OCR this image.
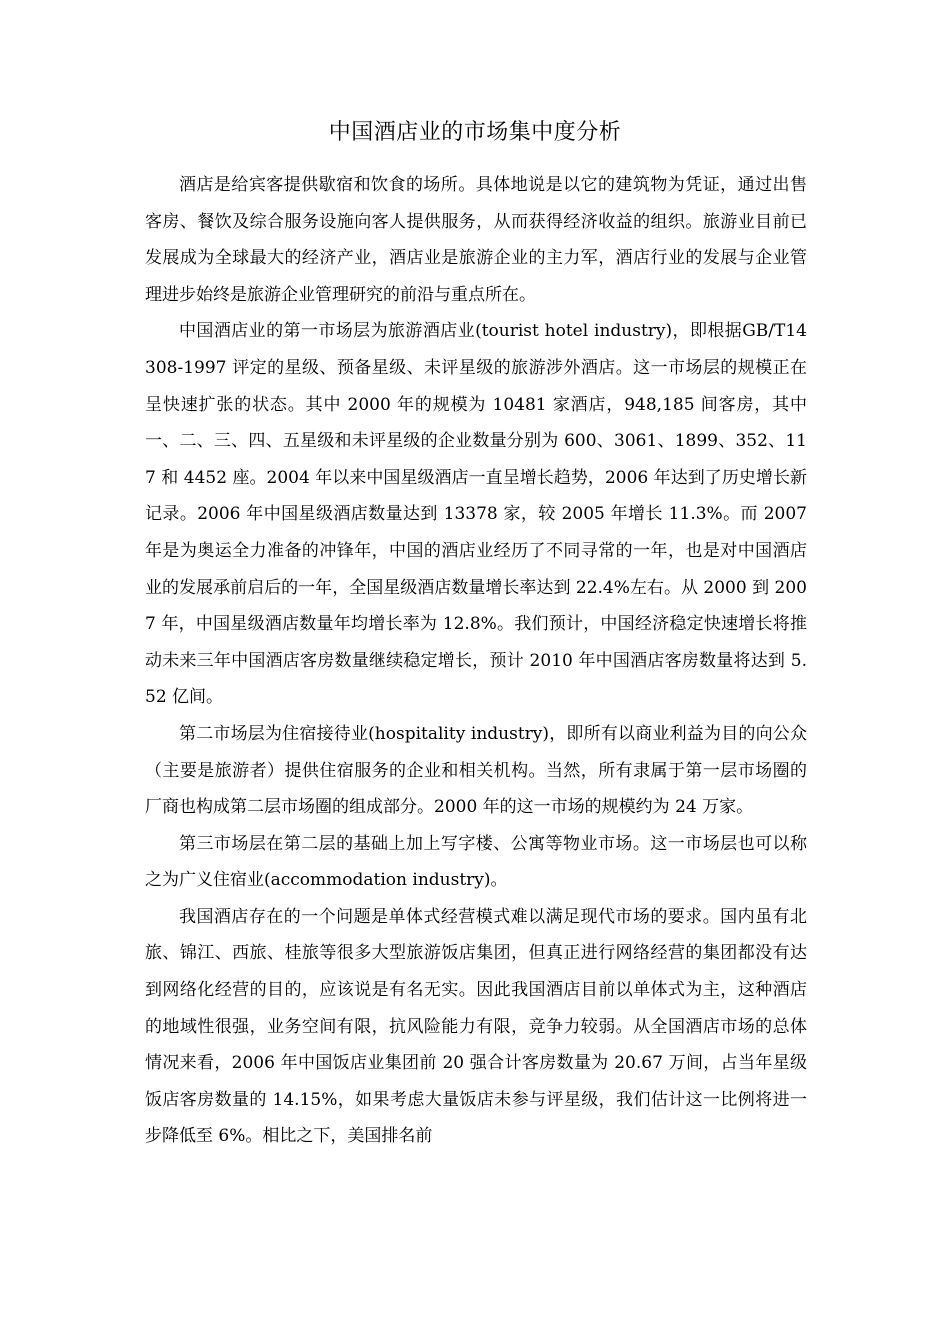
中国酒店业的市场集中度分析

酒店是给宾客提供歇宿和饮食的场所。具体地说是以它的建筑物为凭证，通过出售客房、餐饮及综合服务设施向客人提供服务，从而获得经济收益的组织。旅游业目前已发展成为全球最大的经济产业，酒店业是旅游企业的主力军，酒店行业的发展与企业管理进步始终是旅游企业管理研究的前沿与重点所在。

中国酒店业的第一市场层为旅游酒店业(tourist hotel industry)，即根据GB/T14308-1997 评定的星级、预备星级、未评星级的旅游涉外酒店。这一市场层的规模正在呈快速扩张的状态。其中 2000 年的规模为 10481 家酒店，948,185 间客房，其中一、二、三、四、五星级和未评星级的企业数量分别为 600、3061、1899、352、117 和 4452 座。2004 年以来中国星级酒店一直呈增长趋势，2006 年达到了历史增长新记录。2006 年中国星级酒店数量达到 13378 家，较 2005 年增长 11.3%。而 2007 年是为奥运全力准备的冲锋年，中国的酒店业经历了不同寻常的一年，也是对中国酒店业的发展承前启后的一年，全国星级酒店数量增长率达到 22.4%左右。从 2000 到 2007 年，中国星级酒店数量年均增长率为 12.8%。我们预计，中国经济稳定快速增长将推动未来三年中国酒店客房数量继续稳定增长，预计 2010 年中国酒店客房数量将达到 5.52 亿间。

第二市场层为住宿接待业(hospitality industry)，即所有以商业利益为目的向公众（主要是旅游者）提供住宿服务的企业和相关机构。当然，所有隶属于第一层市场圈的厂商也构成第二层市场圈的组成部分。2000 年的这一市场的规模约为 24 万家。

第三市场层在第二层的基础上加上写字楼、公寓等物业市场。这一市场层也可以称之为广义住宿业(accommodation industry)。

我国酒店存在的一个问题是单体式经营模式难以满足现代市场的要求。国内虽有北旅、锦江、西旅、桂旅等很多大型旅游饭店集团，但真正进行网络经营的集团都没有达到网络化经营的目的，应该说是有名无实。因此我国酒店目前以单体式为主，这种酒店的地域性很强，业务空间有限，抗风险能力有限，竞争力较弱。从全国酒店市场的总体情况来看，2006 年中国饭店业集团前 20 强合计客房数量为 20.67 万间，占当年星级饭店客房数量的 14.15%，如果考虑大量饭店未参与评星级，我们估计这一比例将进一步降低至 6%。相比之下，美国排名前
